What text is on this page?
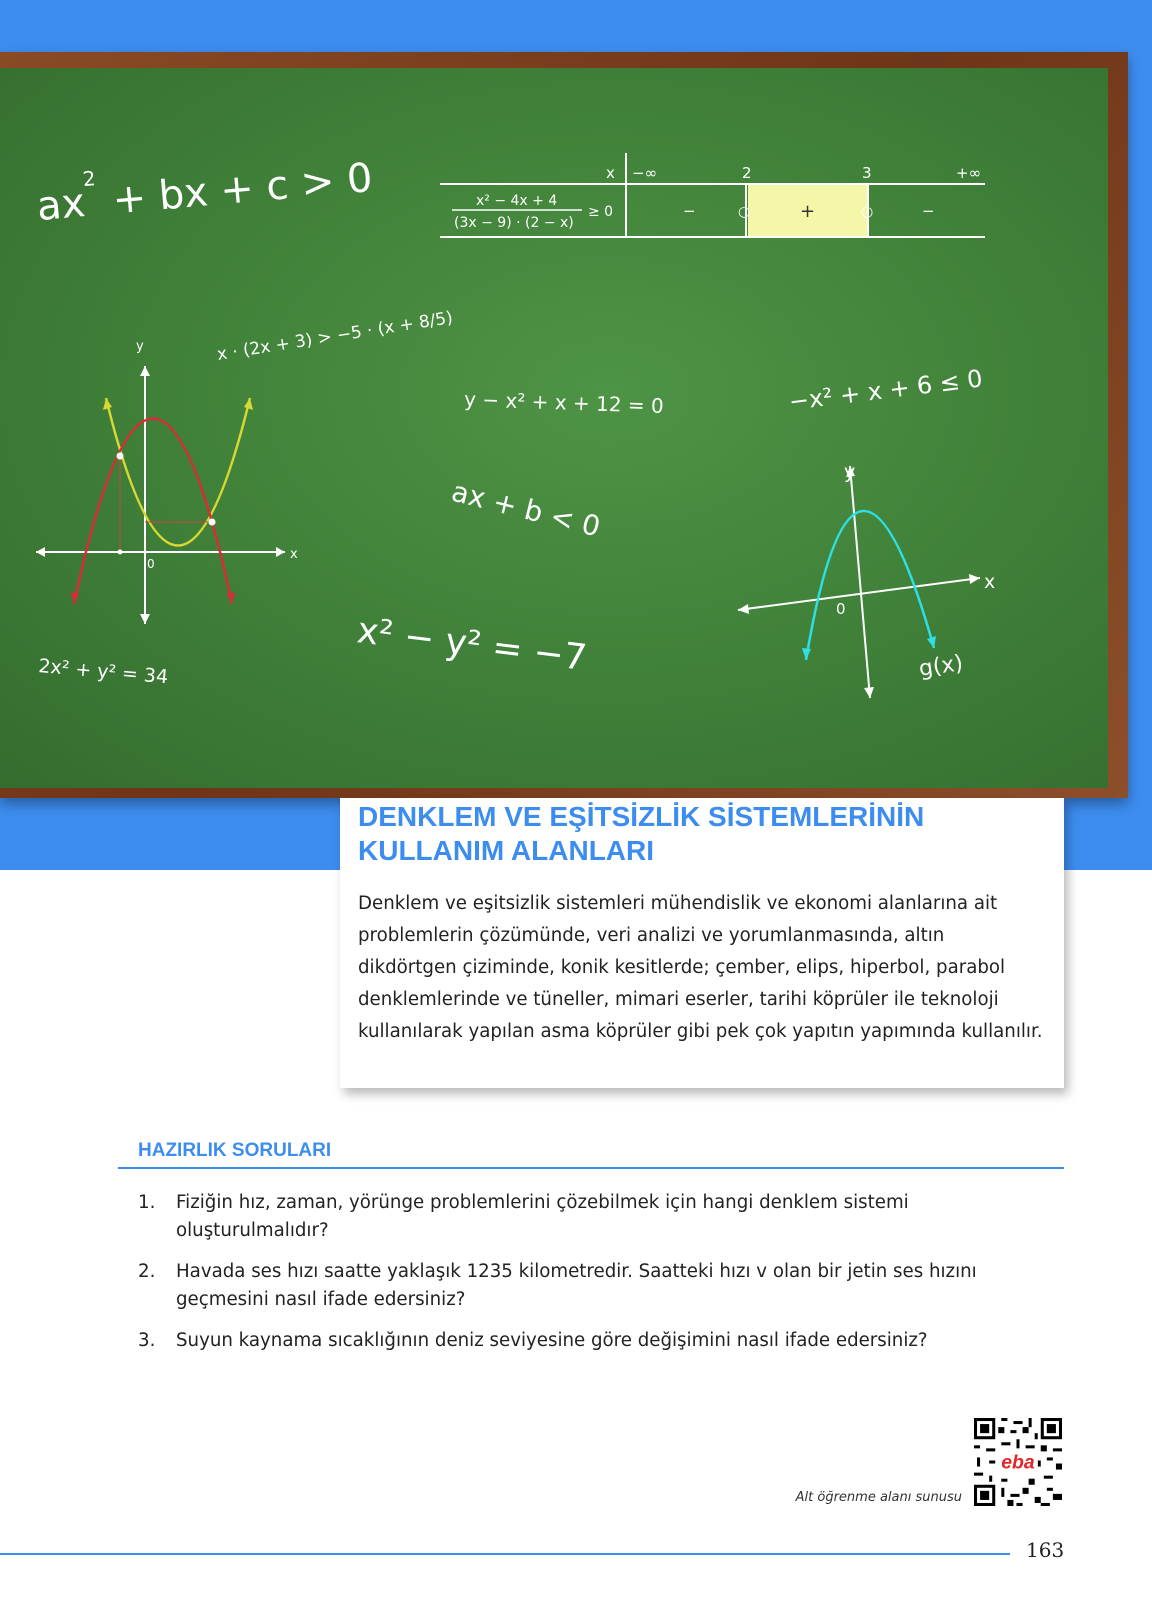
ax
2 + bx + c > 0	x −∞	2	3	+∞
x² − 4x + 4
(3x − 9) · (2 − x)
≥ 0	−	+	−
○	○
x · (2x + 3) > −5 · (x + 8/5)
y − x² + x + 12 = 0	−x² + x + 6 ≤ 0
ax + b < 0
x² − y² = −7
2x² + y² = 34
x
y
0
x
y
0
g(x)
DENKLEM VE EŞİTSİZLİK SİSTEMLERİNİN KULLANIM ALANLARI
Denklem ve eşitsizlik sistemleri mühendislik ve ekonomi alanlarına ait problemlerin çözümünde, veri analizi ve yorumlanmasında, altın dikdörtgen çiziminde, konik kesitlerde; çember, elips, hiperbol, parabol denklemlerinde ve tüneller, mimari eserler, tarihi köprüler ile teknoloji kullanılarak yapılan asma köprüler gibi pek çok yapıtın yapımında kullanılır.
HAZIRLIK SORULARI
1. Fiziğin hız, zaman, yörünge problemlerini çözebilmek için hangi denklem sistemi oluşturulmalıdır?
2. Havada ses hızı saatte yaklaşık 1235 kilometredir. Saatteki hızı v olan bir jetin ses hızını geçmesini nasıl ifade edersiniz?
3. Suyun kaynama sıcaklığının deniz seviyesine göre değişimini nasıl ifade edersiniz?
Alt öğrenme alanı sunusu
eba
163
